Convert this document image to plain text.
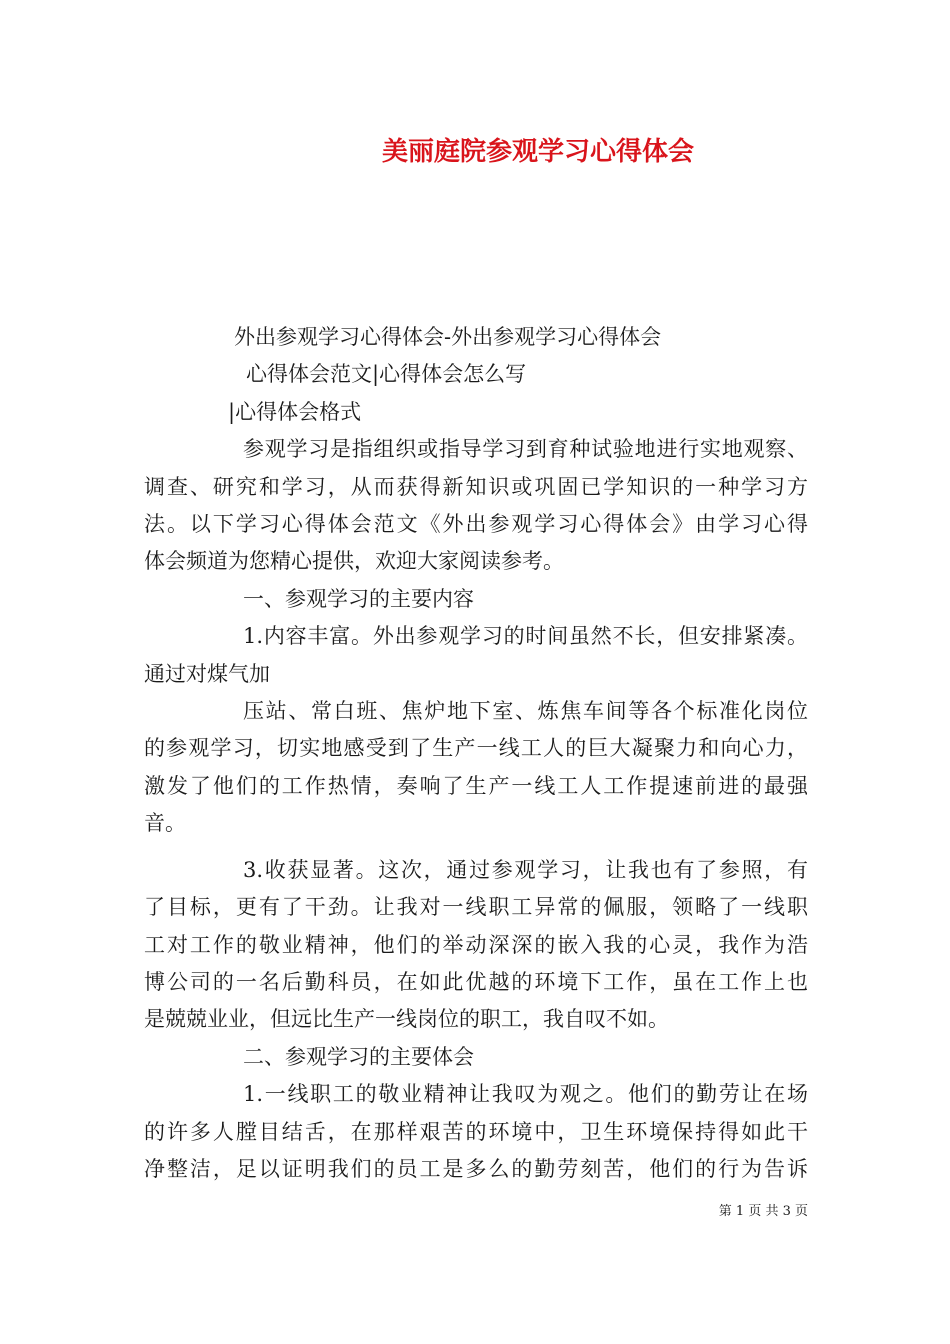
美丽庭院参观学习心得体会
外出参观学习心得体会-外出参观学习心得体会
心得体会范文|心得体会怎么写
|心得体会格式
参观学习是指组织或指导学习到育种试验地进行实地观察、
调查、研究和学习，从而获得新知识或巩固已学知识的一种学习方
法。以下学习心得体会范文《外出参观学习心得体会》由学习心得
体会频道为您精心提供，欢迎大家阅读参考。
一、参观学习的主要内容
1.内容丰富。外出参观学习的时间虽然不长，但安排紧凑。
通过对煤气加
压站、常白班、焦炉地下室、炼焦车间等各个标准化岗位
的参观学习，切实地感受到了生产一线工人的巨大凝聚力和向心力，
激发了他们的工作热情，奏响了生产一线工人工作提速前进的最强
音。
3.收获显著。这次，通过参观学习，让我也有了参照，有
了目标，更有了干劲。让我对一线职工异常的佩服，领略了一线职
工对工作的敬业精神，他们的举动深深的嵌入我的心灵，我作为浩
博公司的一名后勤科员，在如此优越的环境下工作，虽在工作上也
是兢兢业业，但远比生产一线岗位的职工，我自叹不如。
二、参观学习的主要体会
1.一线职工的敬业精神让我叹为观之。他们的勤劳让在场
的许多人膛目结舌，在那样艰苦的环境中，卫生环境保持得如此干
净整洁，足以证明我们的员工是多么的勤劳刻苦，他们的行为告诉
第 1 页 共 3 页
